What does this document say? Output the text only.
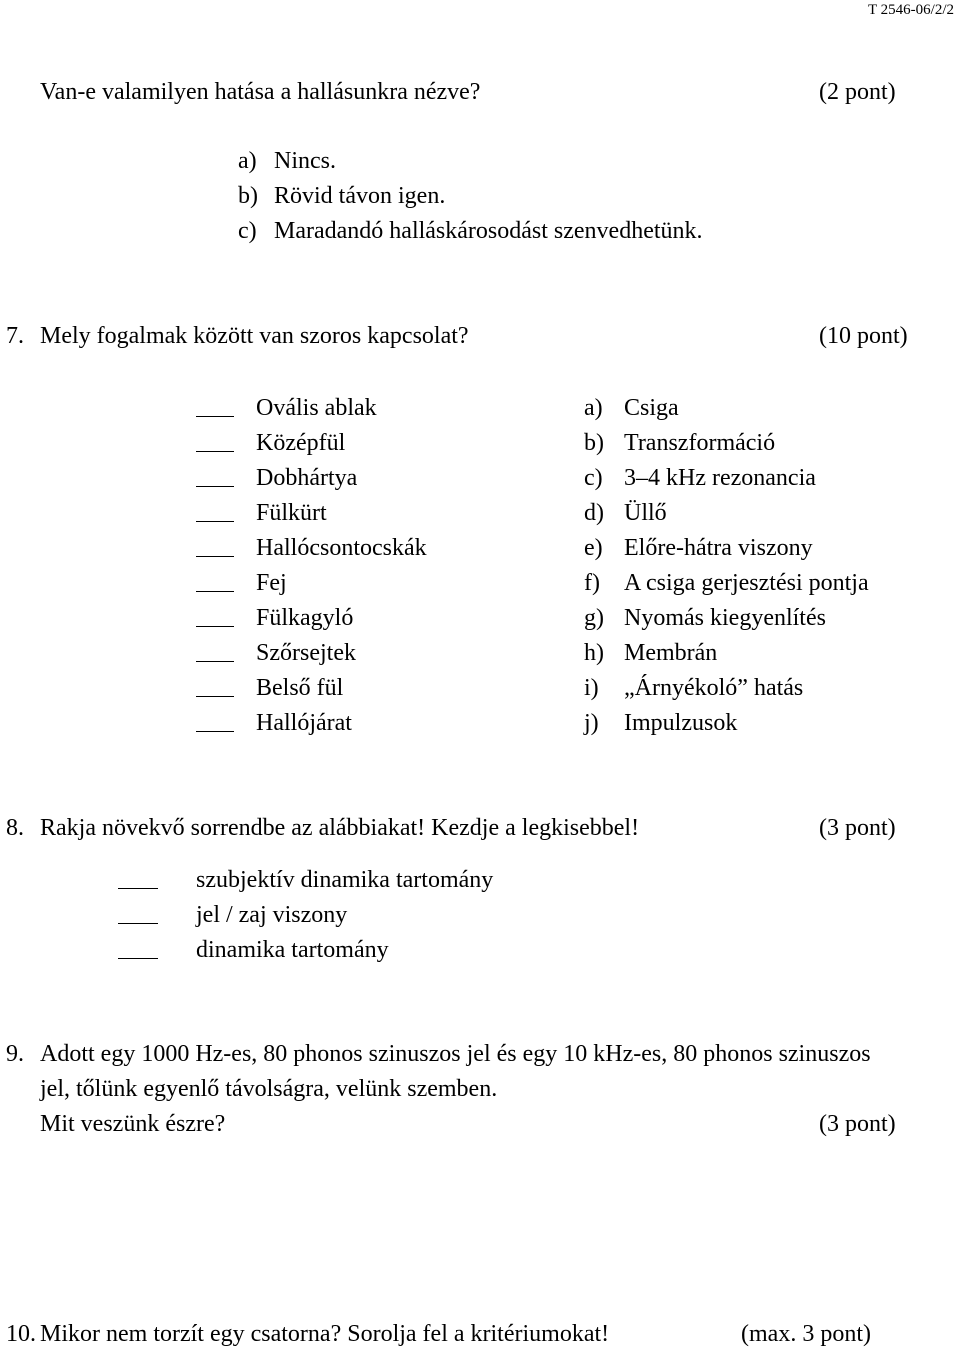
T 2546-06/2/2
Van-e valamilyen hatása a hallásunkra nézve?	(2 pont)
a) Nincs.
b) Rövid távon igen.
c) Maradandó halláskárosodást szenvedhetünk.
7. Mely fogalmak között van szoros kapcsolat?	(10 pont)
Ovális ablak	a) Csiga
Középfül	b) Transzformáció
Dobhártya	c) 3–4 kHz rezonancia
Fülkürt	d) Üllő
Hallócsontocskák	e) Előre-hátra viszony
Fej	f) A csiga gerjesztési pontja
Fülkagyló	g) Nyomás kiegyenlítés
Szőrsejtek	h) Membrán
Belső fül	i) „Árnyékoló” hatás
Hallójárat	j) Impulzusok
8. Rakja növekvő sorrendbe az alábbiakat! Kezdje a legkisebbel!	(3 pont)
szubjektív dinamika tartomány
jel / zaj viszony
dinamika tartomány
9. Adott egy 1000 Hz-es, 80 phonos szinuszos jel és egy 10 kHz-es, 80 phonos szinuszos
jel, tőlünk egyenlő távolságra, velünk szemben.
Mit veszünk észre?	(3 pont)
10. Mikor nem torzít egy csatorna? Sorolja fel a kritériumokat!	(max. 3 pont)
